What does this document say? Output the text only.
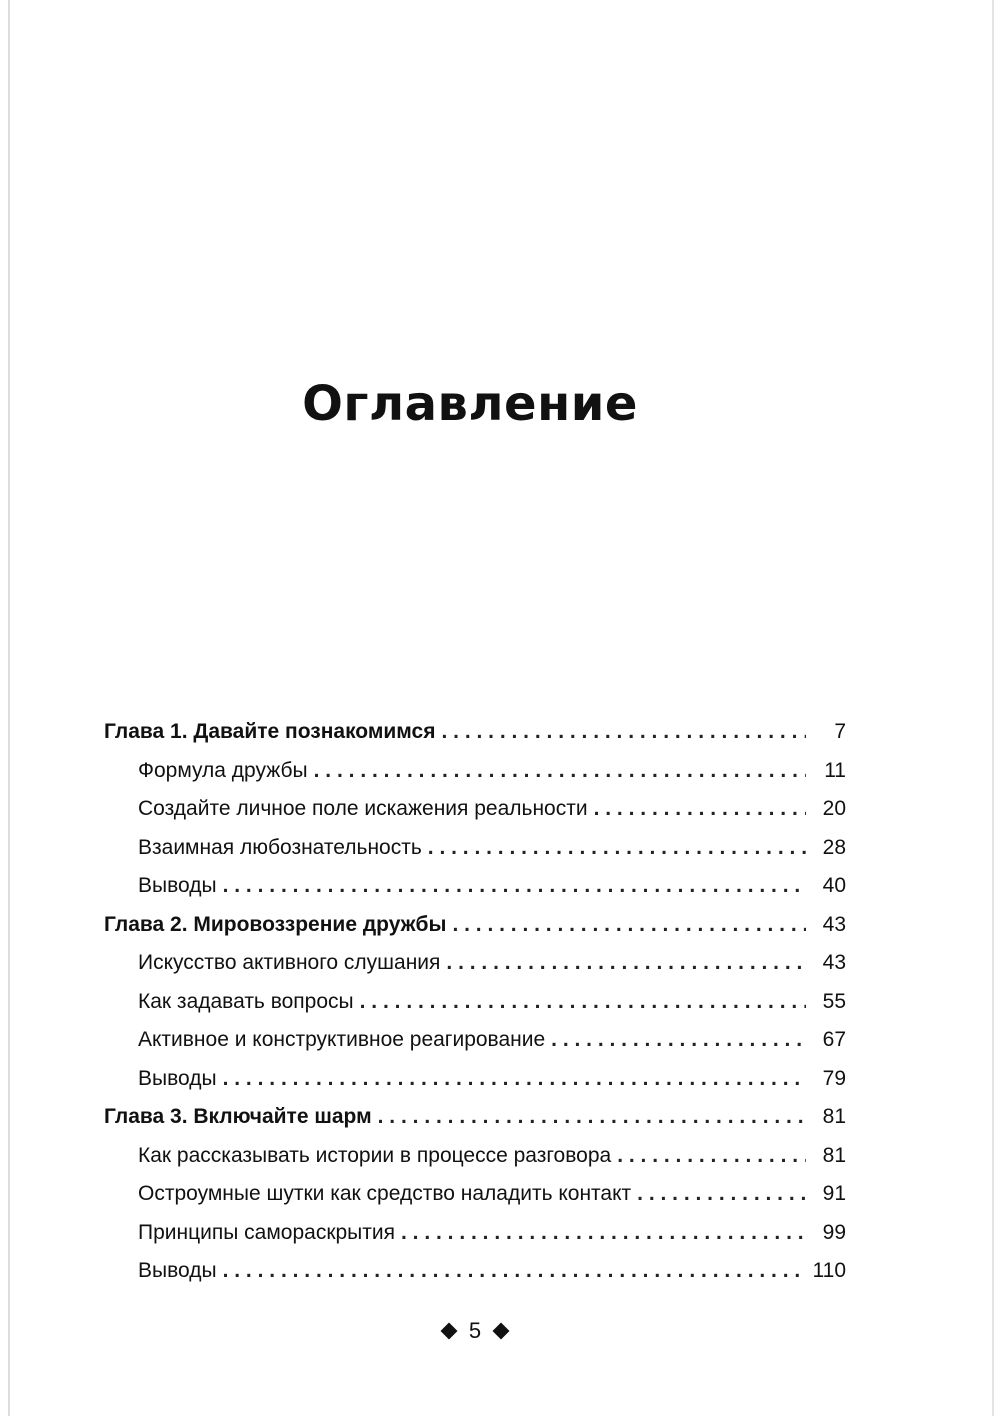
Оглавление
Глава 1. Давайте познакомимся . . .	7
Формула дружбы . . .	11
Создайте личное поле искажения реальности . . .	20
Взаимная любознательность . . .	28
Выводы . . .	40
Глава 2. Мировоззрение дружбы . . .	43
Искусство активного слушания . . .	43
Как задавать вопросы . . .	55
Активное и конструктивное реагирование . . .	67
Выводы . . .	79
Глава 3. Включайте шарм . . .	81
Как рассказывать истории в процессе разговора . . .	81
Остроумные шутки как средство наладить контакт . . .	91
Принципы самораскрытия . . .	99
Выводы . . .	110
5
